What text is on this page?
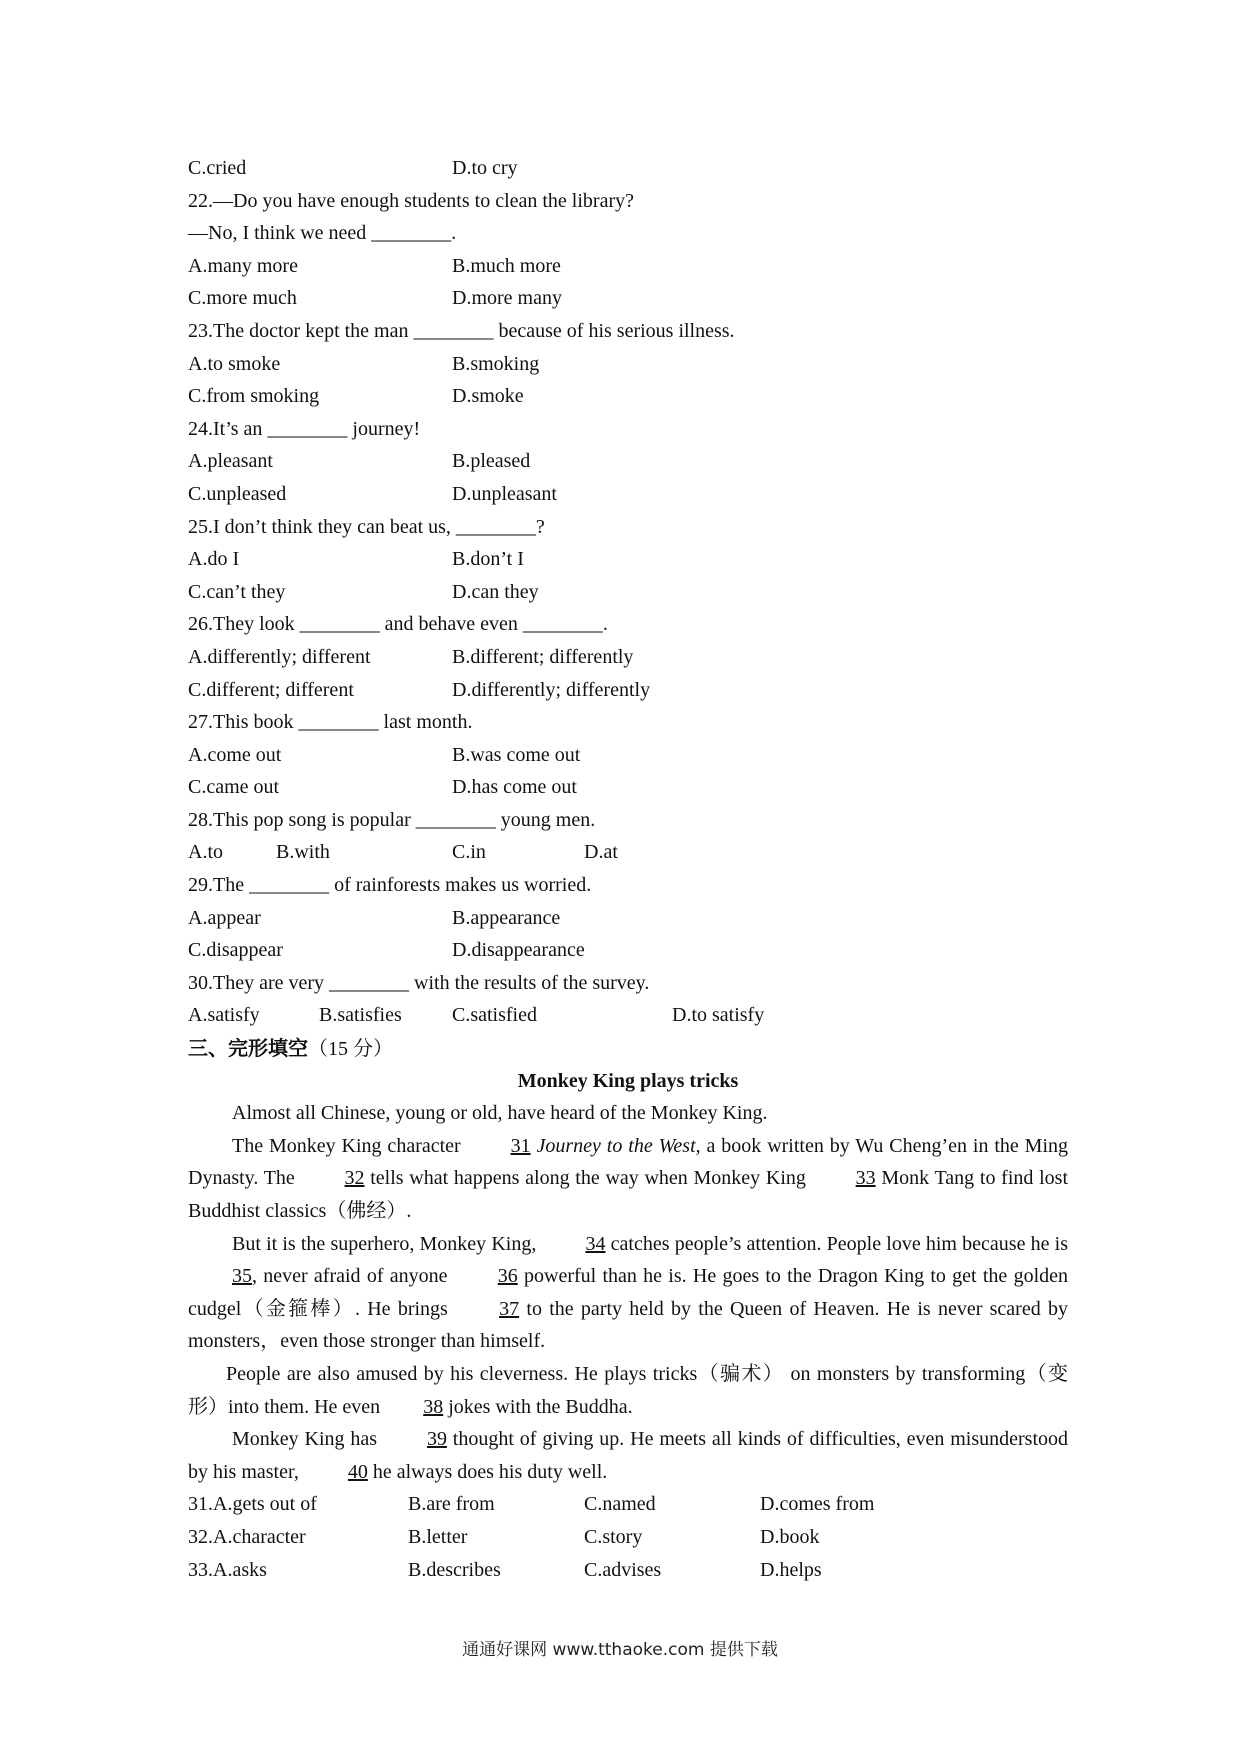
C.cried	D.to cry
22.—Do you have enough students to clean the library?
—No, I think we need ________.
A.many more	B.much more
C.more much	D.more many
23.The doctor kept the man ________ because of his serious illness.
A.to smoke	B.smoking
C.from smoking	D.smoke
24.It’s an ________ journey!
A.pleasant	B.pleased
C.unpleased	D.unpleasant
25.I don’t think they can beat us, ________?
A.do I	B.don’t I
C.can’t they	D.can they
26.They look ________ and behave even ________.
A.differently; different	B.different; differently
C.different; different	D.differently; differently
27.This book ________ last month.
A.come out	B.was come out
C.came out	D.has come out
28.This pop song is popular ________ young men.
A.to	B.with	C.in	D.at
29.The ________ of rainforests makes us worried.
A.appear	B.appearance
C.disappear	D.disappearance
30.They are very ________ with the results of the survey.
A.satisfy	B.satisfies	C.satisfied	D.to satisfy
三、完形填空（15 分）
Monkey King plays tricks

Almost all Chinese, young or old, have heard of the Monkey King.

The Monkey King character 31 Journey to the West, a book written by Wu Cheng’en in the Ming Dynasty. The 32 tells what happens along the way when Monkey King 33 Monk Tang to find lost Buddhist classics（佛经）.

But it is the superhero, Monkey King, 34 catches people’s attention. People love him because he is 35, never afraid of anyone 36 powerful than he is. He goes to the Dragon King to get the golden cudgel（金箍棒）. He brings 37 to the party held by the Queen of Heaven. He is never scared by monsters，even those stronger than himself.

People are also amused by his cleverness. He plays tricks（骗术） on monsters by transforming（变形）into them. He even 38 jokes with the Buddha.

Monkey King has 39 thought of giving up. He meets all kinds of difficulties, even misunderstood by his master, 40 he always does his duty well.

31.A.gets out of	B.are from	C.named	D.comes from
32.A.character	B.letter	C.story	D.book
33.A.asks	B.describes	C.advises	D.helps
通通好课网 www.tthaoke.com 提供下载
